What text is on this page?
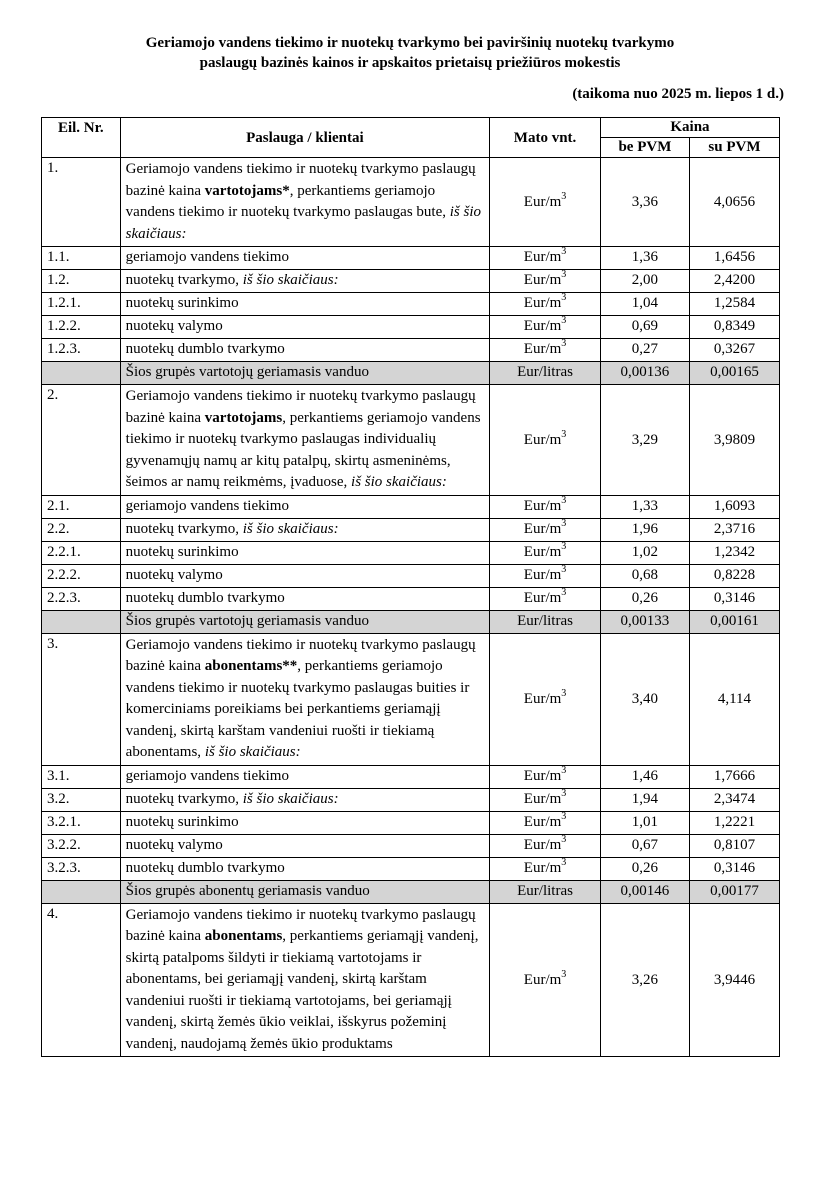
Geriamojo vandens tiekimo ir nuotekų tvarkymo bei paviršinių nuotekų tvarkymo
paslaugų bazinės kainos ir apskaitos prietaisų priežiūros mokestis
(taikoma nuo 2025 m. liepos 1 d.)
Eil. Nr.	Paslauga / klientai	Mato vnt.	Kaina	
			be PVM	su PVM
1.	Geriamojo vandens tiekimo ir nuotekų tvarkymo paslaugų bazinė kaina vartotojams*, perkantiems geriamojo vandens tiekimo ir nuotekų tvarkymo paslaugas bute, iš šio skaičiaus:	Eur/$m^3$	3,36	4,0656
1.1.	geriamojo vandens tiekimo	Eur/$m^3$	1,36	1,6456
1.2.	nuotekų tvarkymo, iš šio skaičiaus:	Eur/$m^3$	2,00	2,4200
1.2.1.	nuotekų surinkimo	Eur/$m^3$	1,04	1,2584
1.2.2.	nuotekų valymo	Eur/$m^3$	0,69	0,8349
1.2.3.	nuotekų dumblo tvarkymo	Eur/$m^3$	0,27	0,3267
	Šios grupės vartotojų geriamasis vanduo	Eur/litras	0,00136	0,00165
2.	Geriamojo vandens tiekimo ir nuotekų tvarkymo paslaugų bazinė kaina vartotojams, perkantiems geriamojo vandens tiekimo ir nuotekų tvarkymo paslaugas individualių gyvenamųjų namų ar kitų patalpų, skirtų asmeninėms, šeimos ar namų reikmėms, įvaduose, iš šio skaičiaus:	Eur/$m^3$	3,29	3,9809
2.1.	geriamojo vandens tiekimo	Eur/$m^3$	1,33	1,6093
2.2.	nuotekų tvarkymo, iš šio skaičiaus:	Eur/$m^3$	1,96	2,3716
2.2.1.	nuotekų surinkimo	Eur/$m^3$	1,02	1,2342
2.2.2.	nuotekų valymo	Eur/$m^3$	0,68	0,8228
2.2.3.	nuotekų dumblo tvarkymo	Eur/$m^3$	0,26	0,3146
	Šios grupės vartotojų geriamasis vanduo	Eur/litras	0,00133	0,00161
3.	Geriamojo vandens tiekimo ir nuotekų tvarkymo paslaugų bazinė kaina abonentams**, perkantiems geriamojo vandens tiekimo ir nuotekų tvarkymo paslaugas buities ir komerciniams poreikiams bei perkantiems geriamąjį vandenį, skirtą karštam vandeniui ruošti ir tiekiamą abonentams, iš šio skaičiaus:	Eur/$m^3$	3,40	4,114
3.1.	geriamojo vandens tiekimo	Eur/$m^3$	1,46	1,7666
3.2.	nuotekų tvarkymo, iš šio skaičiaus:	Eur/$m^3$	1,94	2,3474
3.2.1.	nuotekų surinkimo	Eur/$m^3$	1,01	1,2221
3.2.2.	nuotekų valymo	Eur/$m^3$	0,67	0,8107
3.2.3.	nuotekų dumblo tvarkymo	Eur/$m^3$	0,26	0,3146
	Šios grupės abonentų geriamasis vanduo	Eur/litras	0,00146	0,00177
4.	Geriamojo vandens tiekimo ir nuotekų tvarkymo paslaugų bazinė kaina abonentams, perkantiems geriamąjį vandenį, skirtą patalpoms šildyti ir tiekiamą vartotojams ir abonentams, bei geriamąjį vandenį, skirtą karštam vandeniui ruošti ir tiekiamą vartotojams, bei geriamąjį vandenį, skirtą žemės ūkio veiklai, išskyrus požeminį vandenį, naudojamą žemės ūkio produktams	Eur/$m^3$	3,26	3,9446
